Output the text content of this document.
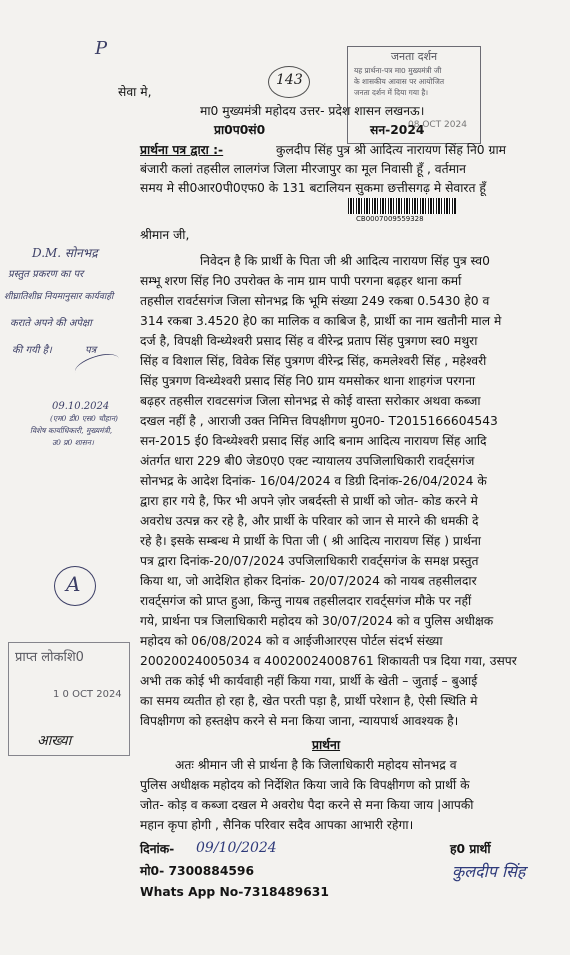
P
143
जनता दर्शन
यह प्रार्थना-पत्र मा0 मुख्यमंत्री जी
के शासकीय आवास पर आयोजित
जनता दर्शन में दिया गया है।
08 OCT 2024
सेवा मे,
मा0 मुख्यमंत्री महोदय उत्तर- प्रदेश शासन लखनऊ।
प्रा0प0सं0	सन-2024
प्रार्थना पत्र द्वारा :-	कुलदीप सिंह पुत्र श्री आदित्य नारायण सिंह नि0 ग्राम
बंजारी कलां तहसील लालगंज जिला मीरजापुर का मूल निवासी हूँ , वर्तमान
समय मे सी0आर0पी0एफ0 के 131 बटालियन सुकमा छत्तीसगढ़ मे सेवारत हूँ
CB0007009559328
श्रीमान जी,
निवेदन है कि प्रार्थी के पिता जी श्री आदित्य नारायण सिंह पुत्र स्व0
सम्भू शरण सिंह नि0 उपरोक्त के नाम ग्राम पापी परगना बढ़हर थाना कर्मा
तहसील रावर्टसगंज जिला सोनभद्र कि भूमि संख्या 249 रकबा 0.5430 हे0 व
314 रकबा 3.4520 हे0 का मालिक व काबिज है, प्रार्थी का नाम खतौनी माल मे
दर्ज है, विपक्षी विन्ध्येश्वरी प्रसाद सिंह व वीरेन्द्र प्रताप सिंह पुत्रगण स्व0 मथुरा
सिंह व विशाल सिंह, विवेक सिंह पुत्रगण वीरेन्द्र सिंह, कमलेश्वरी सिंह , महेश्वरी
सिंह पुत्रगण विन्ध्येश्वरी प्रसाद सिंह नि0 ग्राम यमसोकर थाना शाहगंज परगना
बढ़हर तहसील रावटसगंज जिला सोनभद्र से कोई वास्ता सरोकार अथवा कब्जा
दखल नहीं है , आराजी उक्त निमित्त विपक्षीगण मु0न0- T2015166604543
सन-2015 ई0 विन्ध्येश्वरी प्रसाद सिंह आदि बनाम आदित्य नारायण सिंह आदि
अंतर्गत धारा 229 बी0 जेड0ए0 एक्ट न्यायालय उपजिलाधिकारी रावर्ट्सगंज
सोनभद्र के आदेश दिनांक- 16/04/2024 व डिग्री दिनांक-26/04/2024 के
द्वारा हार गये है, फिर भी अपने ज़ोर जबर्दस्ती से प्रार्थी को जोत- कोड करने मे
अवरोध उत्पन्न कर रहे है, और प्रार्थी के परिवार को जान से मारने की धमकी दे
रहे है। इसके सम्बन्ध मे प्रार्थी के पिता जी ( श्री आदित्य नारायण सिंह ) प्रार्थना
पत्र द्वारा दिनांक-20/07/2024 उपजिलाधिकारी रावर्ट्सगंज के समक्ष प्रस्तुत
किया था, जो आदेशित होकर दिनांक- 20/07/2024 को नायब तहसीलदार
रावर्ट्सगंज को प्राप्त हुआ, किन्तु नायब तहसीलदार रावर्ट्सगंज मौके पर नहीं
गये, प्रार्थना पत्र जिलाधिकारी महोदय को 30/07/2024 को व पुलिस अधीक्षक
महोदय को 06/08/2024 को व आईजीआरएस पोर्टल संदर्भ संख्या
20020024005034 व 40020024008761 शिकायती पत्र दिया गया, उसपर
अभी तक कोई भी कार्यवाही नहीं किया गया, प्रार्थी के खेती – जुताई – बुआई
का समय व्यतीत हो रहा है, खेत परती पड़ा है, प्रार्थी परेशान है, ऐसी स्थिति मे
विपक्षीगण को हस्तक्षेप करने से मना किया जाना, न्यायपार्थ आवश्यक है।
प्रार्थना
अतः श्रीमान जी से प्रार्थना है कि जिलाधिकारी महोदय सोनभद्र व
पुलिस अधीक्षक महोदय को निर्देशित किया जावे कि विपक्षीगण को प्रार्थी के
जोत- कोड़ व कब्जा दखल मे अवरोध पैदा करने से मना किया जाय |आपकी
महान कृपा होगी , सैनिक परिवार सदैव आपका आभारी रहेगा।
दिनांक- 09/10/2024	ह0 प्रार्थी
कुलदीप सिंह
मो0- 7300884596
Whats App No-7318489631
D.M. सोनभद्र
प्रस्तुत प्रकरण का पर
शीघ्रातिशीघ्र नियमानुसार कार्यवाही
कराते अपने की अपेक्षा
की गयी है।	पत्र
09.10.2024
(एम0 डी0 एस0 चौहान)
विशेष कार्याधिकारी, मुख्यमंत्री,
उ0 प्र0 शासन।
A
प्राप्त लोकशि0
1 0 OCT 2024
आख्या
